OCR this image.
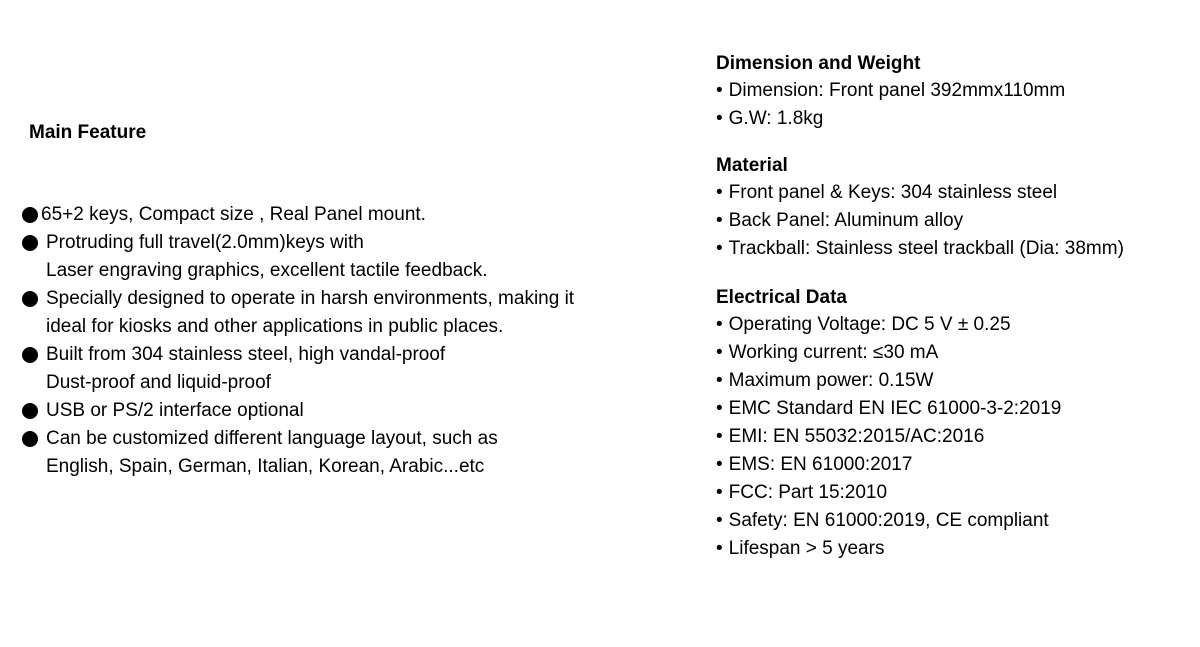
Main Feature
65+2 keys, Compact size , Real Panel mount.
Protruding full travel(2.0mm)keys with
Laser engraving graphics, excellent tactile feedback.
Specially designed to operate in harsh environments, making it
ideal for kiosks and other applications in public places.
Built from 304 stainless steel, high vandal-proof
Dust-proof and liquid-proof
USB or PS/2 interface optional
Can be customized different language layout, such as
English, Spain, German, Italian, Korean, Arabic...etc
Dimension and Weight
• Dimension: Front panel 392mmx110mm
• G.W: 1.8kg
Material
• Front panel & Keys: 304 stainless steel
• Back Panel: Aluminum alloy
• Trackball: Stainless steel trackball (Dia: 38mm)
Electrical Data
• Operating Voltage: DC 5 V ± 0.25
• Working current: ≤30 mA
• Maximum power: 0.15W
• EMC Standard EN IEC 61000-3-2:2019
• EMI: EN 55032:2015/AC:2016
• EMS: EN 61000:2017
• FCC: Part 15:2010
• Safety: EN 61000:2019, CE compliant
• Lifespan > 5 years
